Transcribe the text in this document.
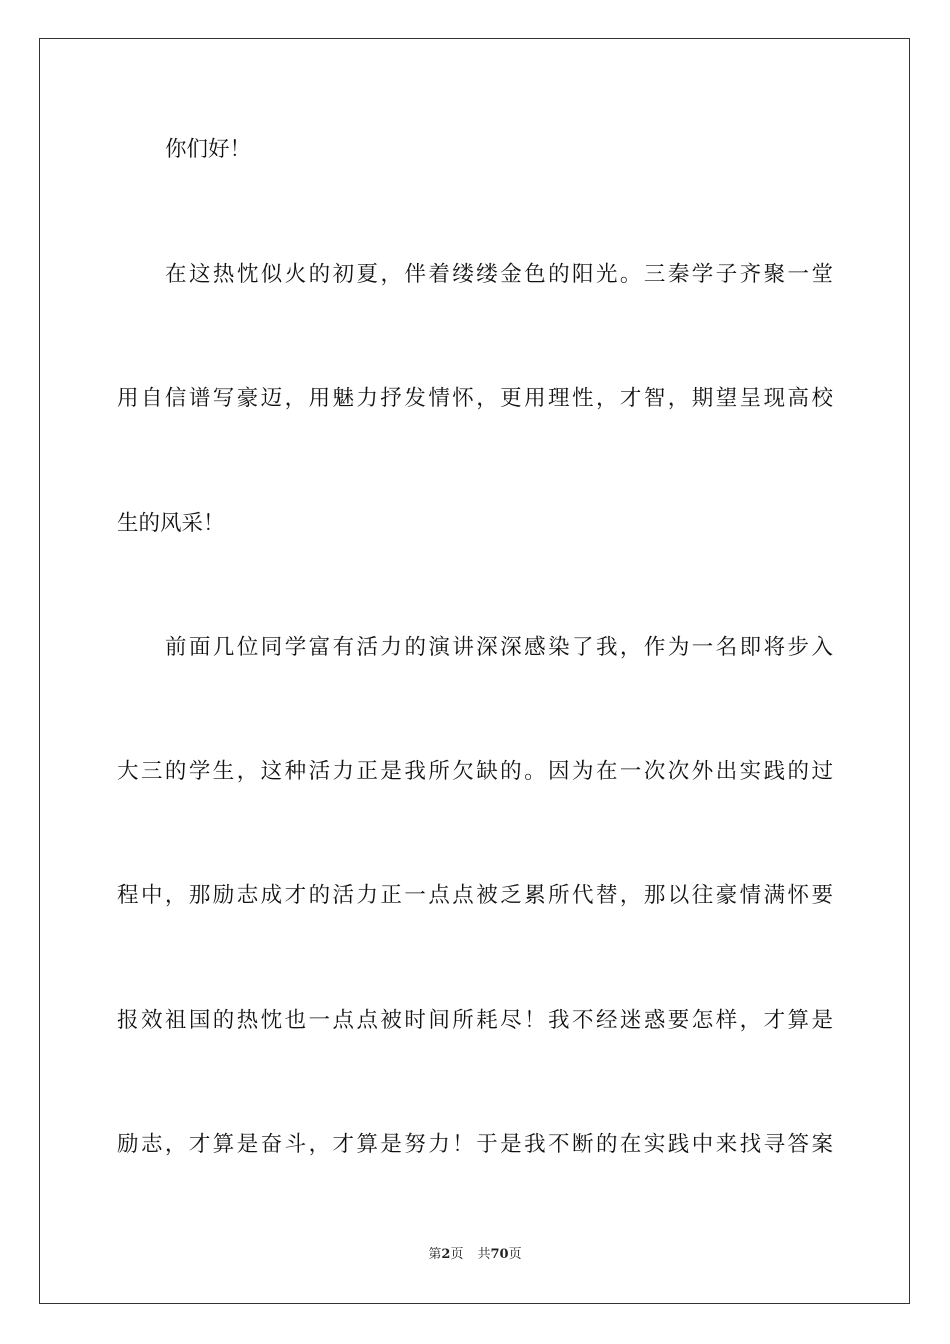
你们好！
在这热忱似火的初夏，伴着缕缕金色的阳光。三秦学子齐聚一堂
用自信谱写豪迈，用魅力抒发情怀，更用理性，才智，期望呈现高校
生的风采！
前面几位同学富有活力的演讲深深感染了我，作为一名即将步入
大三的学生，这种活力正是我所欠缺的。因为在一次次外出实践的过
程中，那励志成才的活力正一点点被乏累所代替，那以往豪情满怀要
报效祖国的热忱也一点点被时间所耗尽！我不经迷惑要怎样，才算是
励志，才算是奋斗，才算是努力！于是我不断的在实践中来找寻答案
第2页 共70页
